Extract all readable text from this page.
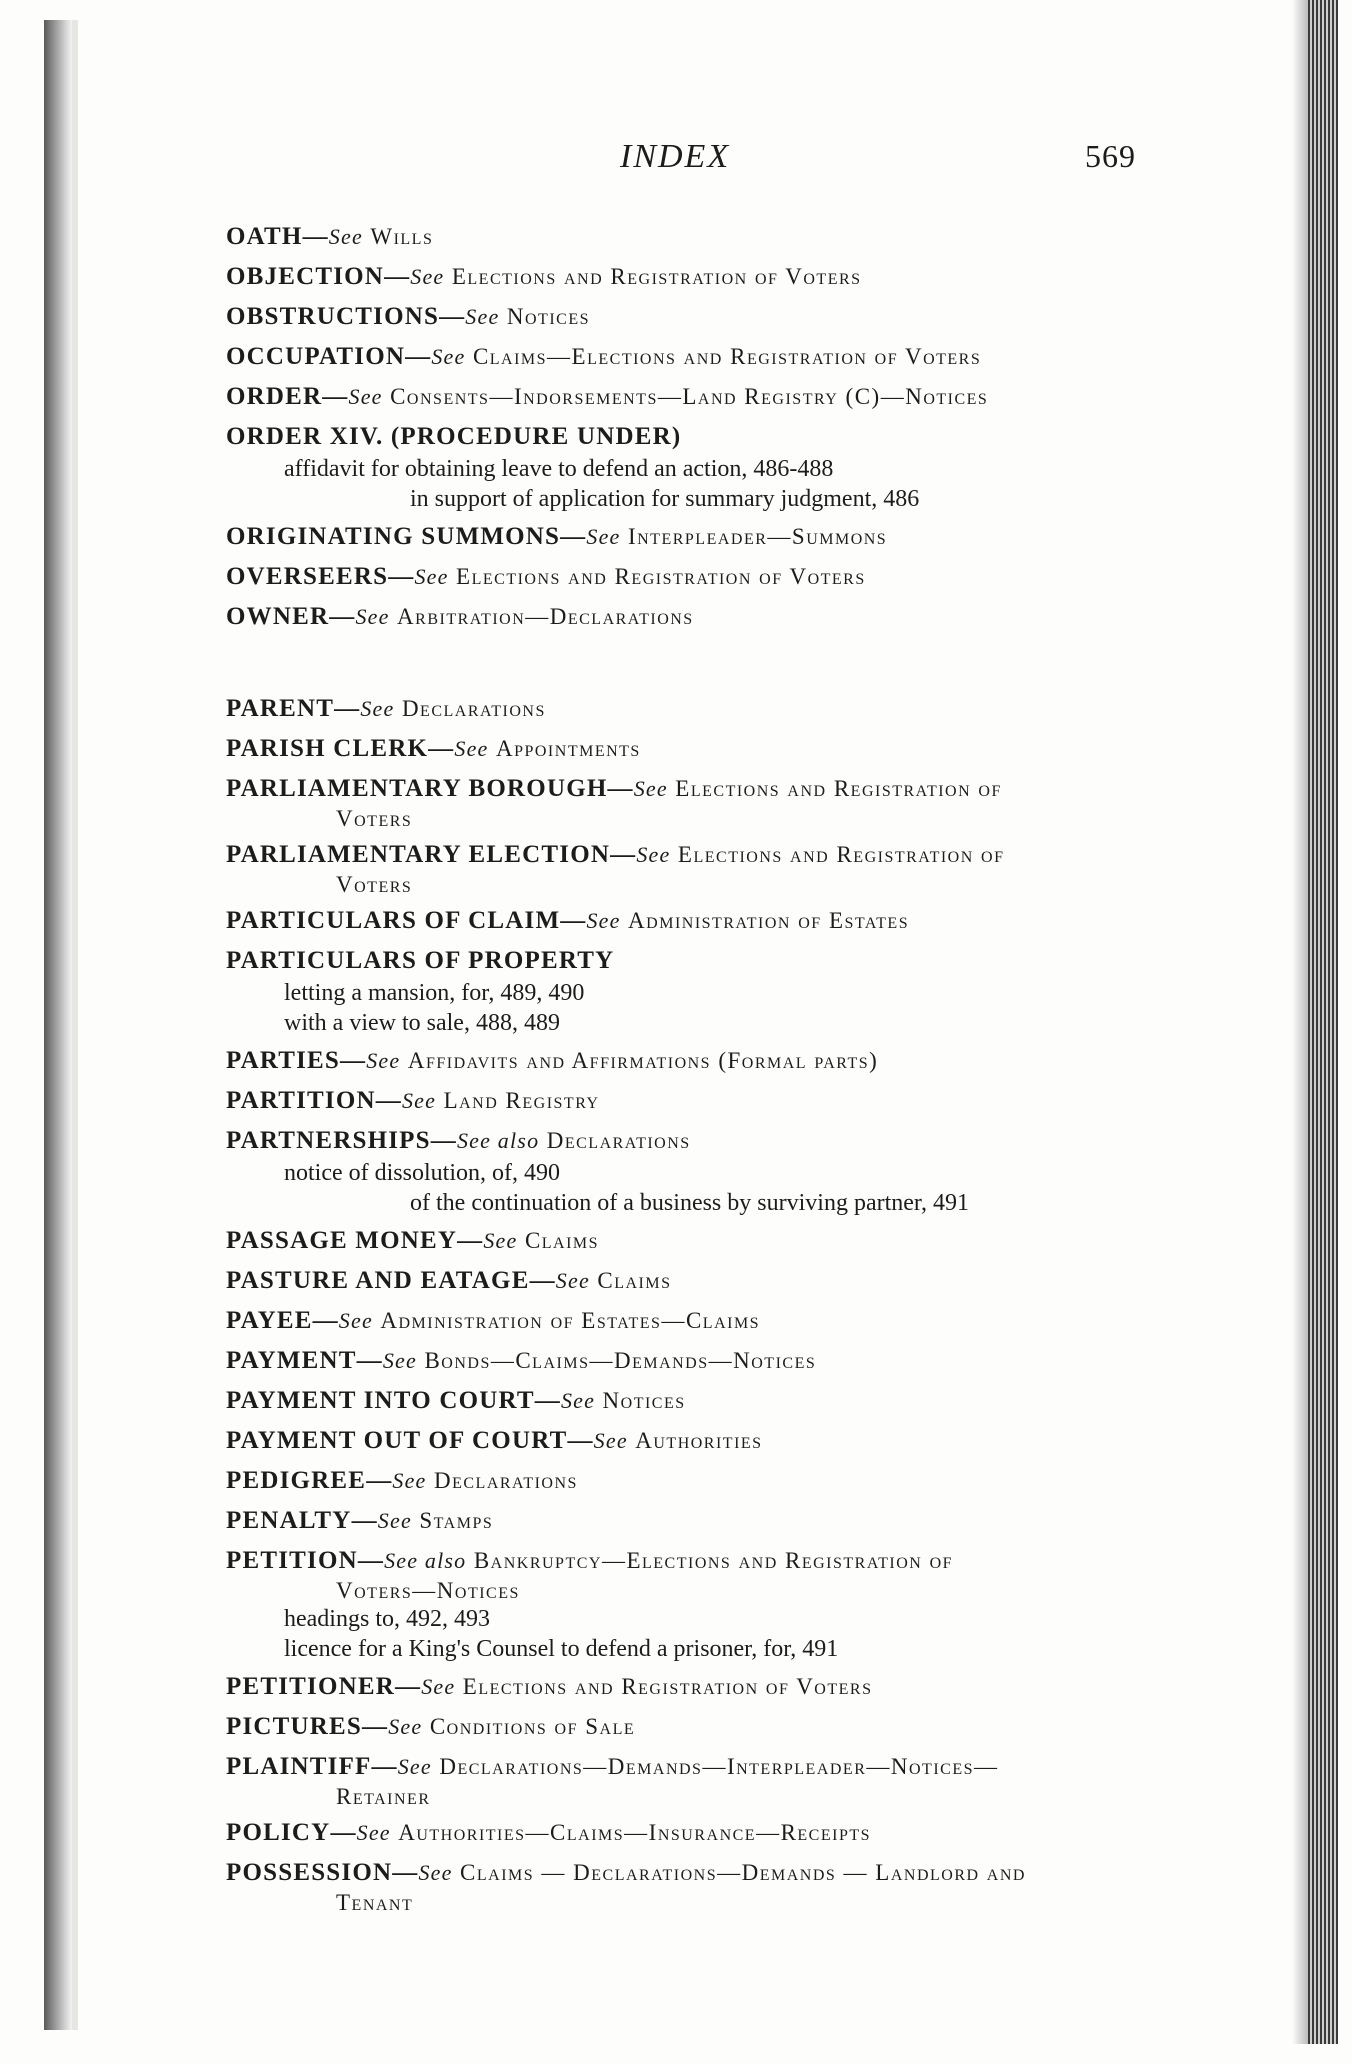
INDEX	569
OATH—See Wills
OBJECTION—See Elections and Registration of Voters
OBSTRUCTIONS—See Notices
OCCUPATION—See Claims—Elections and Registration of Voters
ORDER—See Consents—Indorsements—Land Registry (C)—Notices
ORDER XIV. (PROCEDURE UNDER)
affidavit for obtaining leave to defend an action, 486-488
in support of application for summary judgment, 486
ORIGINATING SUMMONS—See Interpleader—Summons
OVERSEERS—See Elections and Registration of Voters
OWNER—See Arbitration—Declarations
PARENT—See Declarations
PARISH CLERK—See Appointments
PARLIAMENTARY BOROUGH—See Elections and Registration of
Voters
PARLIAMENTARY ELECTION—See Elections and Registration of
Voters
PARTICULARS OF CLAIM—See Administration of Estates
PARTICULARS OF PROPERTY
letting a mansion, for, 489, 490
with a view to sale, 488, 489
PARTIES—See Affidavits and Affirmations (Formal parts)
PARTITION—See Land Registry
PARTNERSHIPS—See also Declarations
notice of dissolution, of, 490
of the continuation of a business by surviving partner, 491
PASSAGE MONEY—See Claims
PASTURE AND EATAGE—See Claims
PAYEE—See Administration of Estates—Claims
PAYMENT—See Bonds—Claims—Demands—Notices
PAYMENT INTO COURT—See Notices
PAYMENT OUT OF COURT—See Authorities
PEDIGREE—See Declarations
PENALTY—See Stamps
PETITION—See also Bankruptcy—Elections and Registration of
Voters—Notices
headings to, 492, 493
licence for a King's Counsel to defend a prisoner, for, 491
PETITIONER—See Elections and Registration of Voters
PICTURES—See Conditions of Sale
PLAINTIFF—See Declarations—Demands—Interpleader—Notices—
Retainer
POLICY—See Authorities—Claims—Insurance—Receipts
POSSESSION—See Claims — Declarations—Demands — Landlord and
Tenant
